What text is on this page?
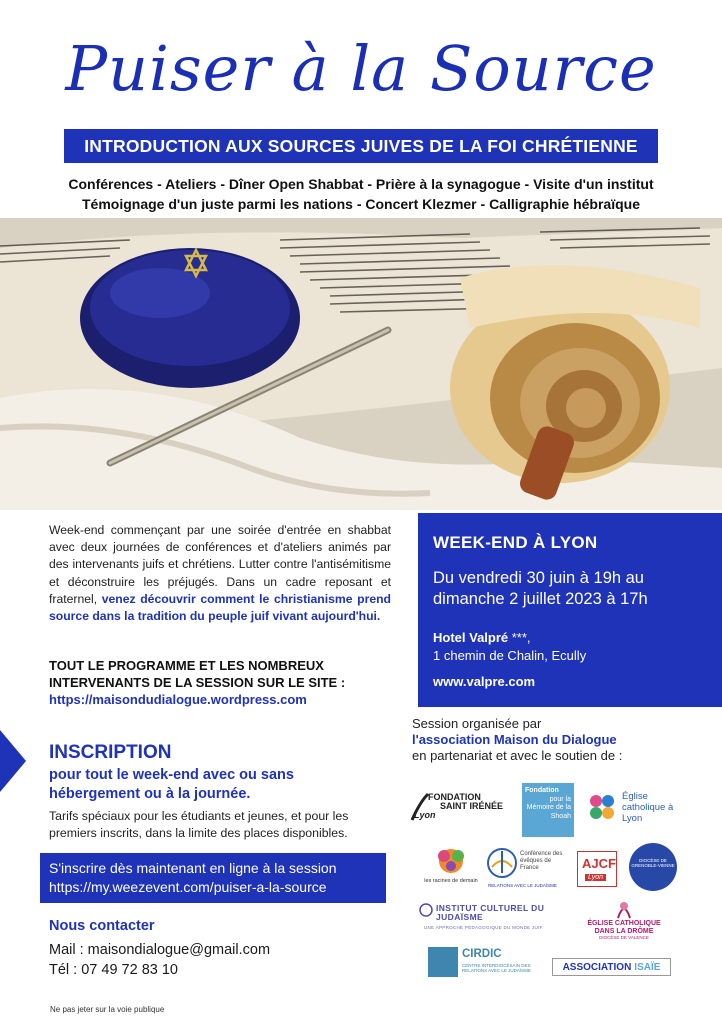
Puiser à la Source
INTRODUCTION AUX SOURCES JUIVES DE LA FOI CHRÉTIENNE
Conférences - Ateliers - Dîner Open Shabbat - Prière à la synagogue - Visite d'un institut
Témoignage d'un juste parmi les nations - Concert Klezmer - Calligraphie hébraïque
Week-end commençant par une soirée d'entrée en shabbat avec deux journées de conférences et d'ateliers animés par des intervenants juifs et chrétiens. Lutter contre l'antisémitisme et déconstruire les préjugés. Dans un cadre reposant et fraternel, venez découvrir comment le christianisme prend source dans la tradition du peuple juif vivant aujourd'hui.
TOUT LE PROGRAMME ET LES NOMBREUX
INTERVENANTS DE LA SESSION SUR LE SITE :
https://maisondudialogue.wordpress.com
WEEK-END À LYON
Du vendredi 30 juin à 19h au
dimanche 2 juillet 2023 à 17h
Hotel Valpré ***,
1 chemin de Chalin, Ecully
www.valpre.com
INSCRIPTION
pour tout le week-end avec ou sans
hébergement ou à la journée.
Tarifs spéciaux pour les étudiants et jeunes, et pour les premiers inscrits, dans la limite des places disponibles.
S'inscrire dès maintenant en ligne à la session
https://my.weezevent.com/puiser-a-la-source
Nous contacter
Mail : maisondialogue@gmail.com
Tél : 07 49 72 83 10
Ne pas jeter sur la voie publique
Session organisée par
l'association Maison du Dialogue
en partenariat et avec le soutien de :
FONDATION
SAINT IRÉNÉE
Lyon
Fondation
pour la Mémoire de la Shoah
Église catholique à Lyon
les racines de demain
Conférence des évêques de France
RELATIONS AVEC LE JUDAÏSME
AJCF
Lyon
DIOCÈSE DE GRENOBLE-VIENNE
INSTITUT CULTUREL DU JUDAÏSME
UNE APPROCHE PÉDAGOGIQUE DU MONDE JUIF
ÉGLISE CATHOLIQUE DANS LA DRÔME
DIOCÈSE DE VALENCE
CIRDIC
CENTRE INTERDIOCÉSAIN DES RELATIONS AVEC LE JUDAÏSME	ASSOCIATION ISAÏE
